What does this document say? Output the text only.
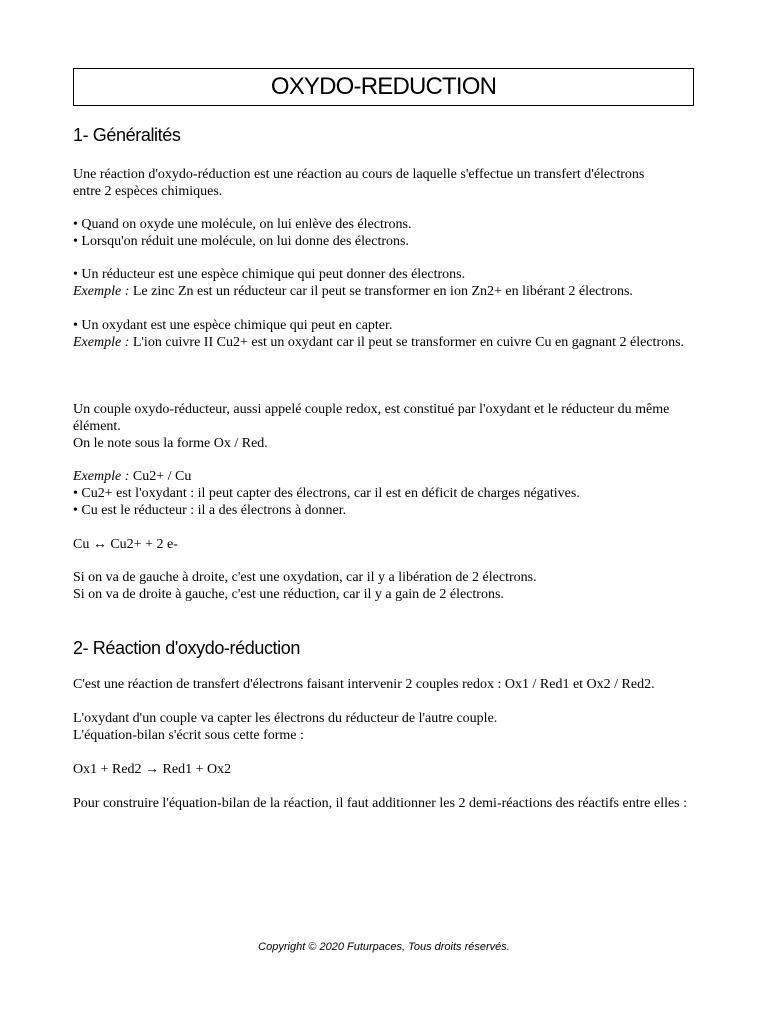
OXYDO-REDUCTION
1- Généralités

Une réaction d'oxydo-réduction est une réaction au cours de laquelle s'effectue un transfert d'électrons entre 2 espèces chimiques.

• Quand on oxyde une molécule, on lui enlève des électrons.

• Lorsqu'on réduit une molécule, on lui donne des électrons.

• Un réducteur est une espèce chimique qui peut donner des électrons.

Exemple : Le zinc Zn est un réducteur car il peut se transformer en ion Zn2+ en libérant 2 électrons.

• Un oxydant est une espèce chimique qui peut en capter.

Exemple : L'ion cuivre II Cu2+ est un oxydant car il peut se transformer en cuivre Cu en gagnant 2 électrons.

Un couple oxydo-réducteur, aussi appelé couple redox, est constitué par l'oxydant et le réducteur du même élément.

On le note sous la forme Ox / Red.

Exemple : Cu2+ / Cu

• Cu2+ est l'oxydant : il peut capter des électrons, car il est en déficit de charges négatives.

• Cu est le réducteur : il a des électrons à donner.

Cu ↔ Cu2+ + 2 e-

Si on va de gauche à droite, c'est une oxydation, car il y a libération de 2 électrons.

Si on va de droite à gauche, c'est une réduction, car il y a gain de 2 électrons.

2- Réaction d'oxydo-réduction

C'est une réaction de transfert d'électrons faisant intervenir 2 couples redox : Ox1 / Red1 et Ox2 / Red2.

L'oxydant d'un couple va capter les électrons du réducteur de l'autre couple.

L'équation-bilan s'écrit sous cette forme :

Ox1 + Red2 → Red1 + Ox2

Pour construire l'équation-bilan de la réaction, il faut additionner les 2 demi-réactions des réactifs entre elles :

Copyright © 2020 Futurpaces, Tous droits réservés.
